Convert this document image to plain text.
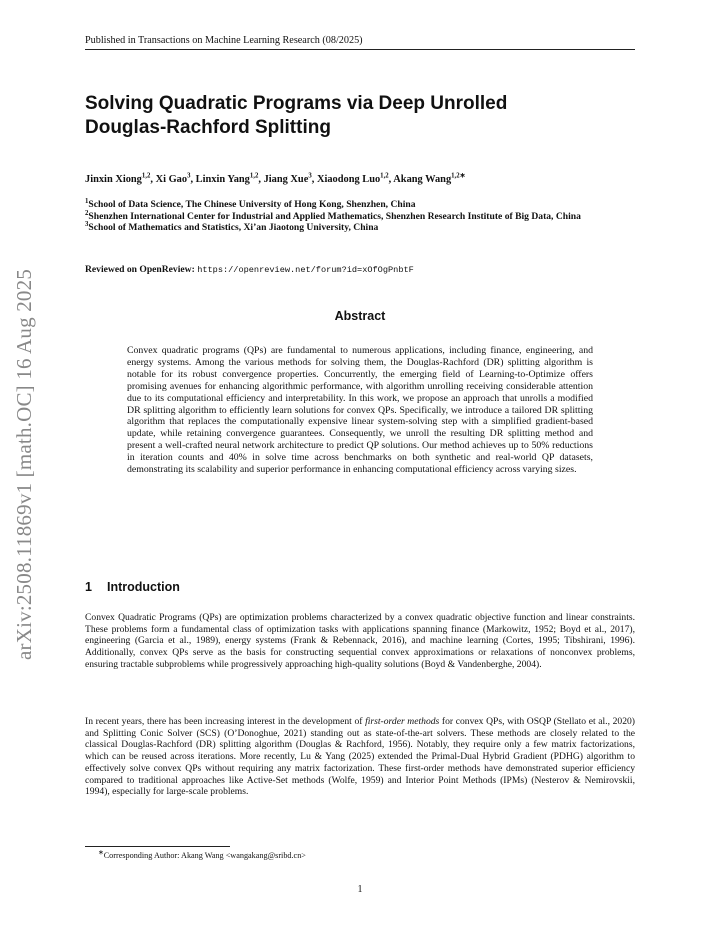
Published in Transactions on Machine Learning Research (08/2025)
arXiv:2508.11869v1 [math.OC] 16 Aug 2025
Solving Quadratic Programs via Deep Unrolled
Douglas-Rachford Splitting
Jinxin Xiong$^{1,2}$, Xi Gao$^3$, Linxin Yang$^{1,2}$, Jiang Xue$^3$, Xiaodong Luo$^{1,2}$, Akang Wang$^{1,2∗}$
$^1$School of Data Science, The Chinese University of Hong Kong, Shenzhen, China
$^2$Shenzhen International Center for Industrial and Applied Mathematics, Shenzhen Research Institute of Big Data, China
$^3$School of Mathematics and Statistics, Xi’an Jiaotong University, China
Reviewed on OpenReview: https://openreview.net/forum?id=xOfOgPnbtF
Abstract

Convex quadratic programs (QPs) are fundamental to numerous applications, including finance, engineering, and energy systems. Among the various methods for solving them, the Douglas-Rachford (DR) splitting algorithm is notable for its robust convergence properties. Concurrently, the emerging field of Learning-to-Optimize offers promising avenues for enhancing algorithmic performance, with algorithm unrolling receiving considerable attention due to its computational efficiency and interpretability. In this work, we propose an approach that unrolls a modified DR splitting algorithm to efficiently learn solutions for convex QPs. Specifically, we introduce a tailored DR splitting algorithm that replaces the computationally expensive linear system-solving step with a simplified gradient-based update, while retaining convergence guarantees. Consequently, we unroll the resulting DR splitting method and present a well-crafted neural network architecture to predict QP solutions. Our method achieves up to 50% reductions in iteration counts and 40% in solve time across benchmarks on both synthetic and real-world QP datasets, demonstrating its scalability and superior performance in enhancing computational efficiency across varying sizes.

1 Introduction

Convex Quadratic Programs (QPs) are optimization problems characterized by a convex quadratic objective function and linear constraints. These problems form a fundamental class of optimization tasks with applications spanning finance (Markowitz, 1952; Boyd et al., 2017), engineering (Garcia et al., 1989), energy systems (Frank & Rebennack, 2016), and machine learning (Cortes, 1995; Tibshirani, 1996). Additionally, convex QPs serve as the basis for constructing sequential convex approximations or relaxations of nonconvex problems, ensuring tractable subproblems while progressively approaching high-quality solutions (Boyd & Vandenberghe, 2004).

In recent years, there has been increasing interest in the development of first-order methods for convex QPs, with OSQP (Stellato et al., 2020) and Splitting Conic Solver (SCS) (O’Donoghue, 2021) standing out as state-of-the-art solvers. These methods are closely related to the classical Douglas-Rachford (DR) splitting algorithm (Douglas & Rachford, 1956). Notably, they require only a few matrix factorizations, which can be reused across iterations. More recently, Lu & Yang (2025) extended the Primal-Dual Hybrid Gradient (PDHG) algorithm to effectively solve convex QPs without requiring any matrix factorization. These first-order methods have demonstrated superior efficiency compared to traditional approaches like Active-Set methods (Wolfe, 1959) and Interior Point Methods (IPMs) (Nesterov & Nemirovskii, 1994), especially for large-scale problems.

∗Corresponding Author: Akang Wang <wangakang@sribd.cn>
1
